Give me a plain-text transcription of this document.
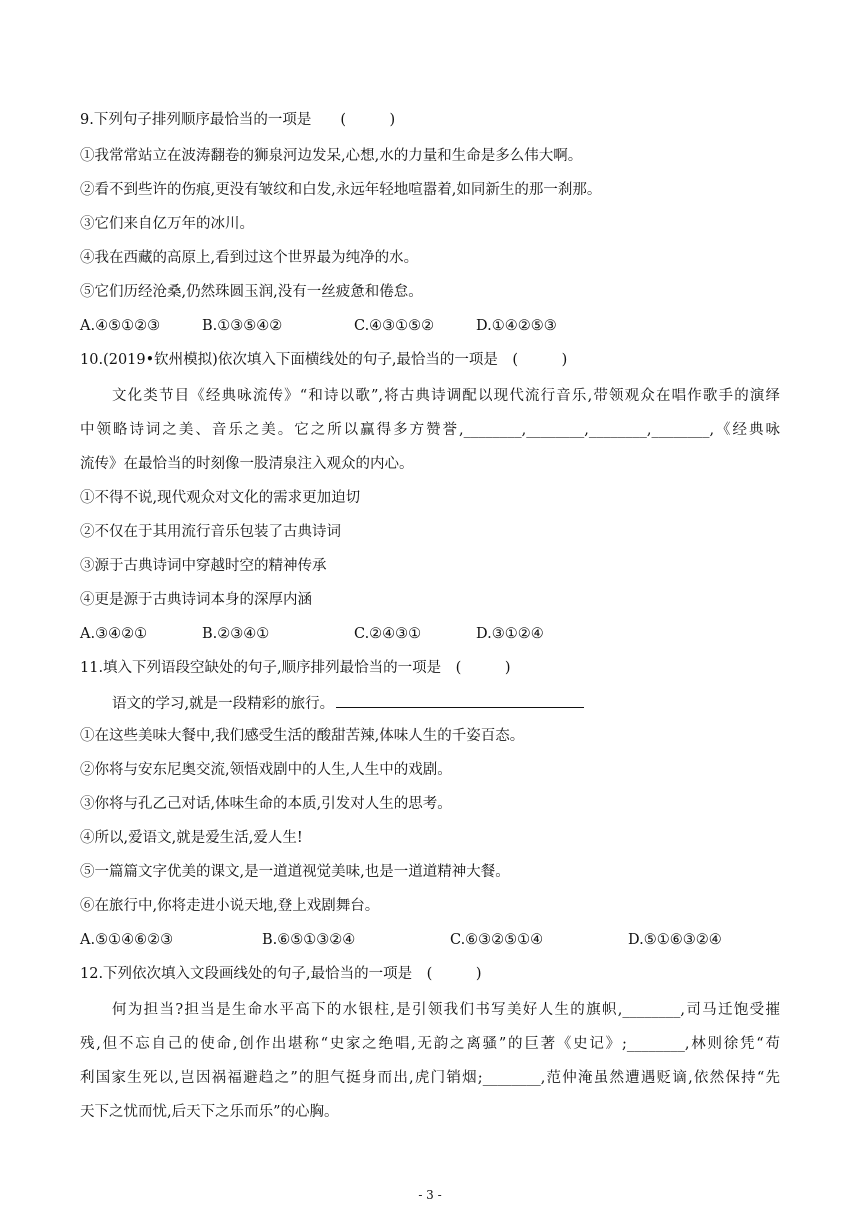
9.下列句子排列顺序最恰当的一项是　　(　　　)
①我常常站立在波涛翻卷的狮泉河边发呆,心想,水的力量和生命是多么伟大啊。
②看不到些许的伤痕,更没有皱纹和白发,永远年轻地喧嚣着,如同新生的那一刹那。
③它们来自亿万年的冰川。
④我在西藏的高原上,看到过这个世界最为纯净的水。
⑤它们历经沧桑,仍然珠圆玉润,没有一丝疲惫和倦怠。
A.④⑤①②③	B.①③⑤④②	C.④③①⑤②	D.①④②⑤③
10.(2019•钦州模拟)依次填入下面横线处的句子,最恰当的一项是　(　　　)
文化类节目《经典咏流传》“和诗以歌”,将古典诗调配以现代流行音乐,带领观众在唱作歌手的演绎
中领略诗词之美、音乐之美。它之所以赢得多方赞誉,________,________,________,________,《经典咏
流传》在最恰当的时刻像一股清泉注入观众的内心。
①不得不说,现代观众对文化的需求更加迫切
②不仅在于其用流行音乐包装了古典诗词
③源于古典诗词中穿越时空的精神传承
④更是源于古典诗词本身的深厚内涵
A.③④②①	B.②③④①	C.②④③①	D.③①②④
11.填入下列语段空缺处的句子,顺序排列最恰当的一项是　(　　　)
语文的学习,就是一段精彩的旅行。
①在这些美味大餐中,我们感受生活的酸甜苦辣,体味人生的千姿百态。
②你将与安东尼奥交流,领悟戏剧中的人生,人生中的戏剧。
③你将与孔乙己对话,体味生命的本质,引发对人生的思考。
④所以,爱语文,就是爱生活,爱人生!
⑤一篇篇文字优美的课文,是一道道视觉美味,也是一道道精神大餐。
⑥在旅行中,你将走进小说天地,登上戏剧舞台。
A.⑤①④⑥②③	B.⑥⑤①③②④	C.⑥③②⑤①④	D.⑤①⑥③②④
12.下列依次填入文段画线处的句子,最恰当的一项是　(　　　)
何为担当?担当是生命水平高下的水银柱,是引领我们书写美好人生的旗帜,________,司马迁饱受摧
残,但不忘自己的使命,创作出堪称“史家之绝唱,无韵之离骚”的巨著《史记》;________,林则徐凭“苟
利国家生死以,岂因祸福避趋之”的胆气挺身而出,虎门销烟;________,范仲淹虽然遭遇贬谪,依然保持“先
天下之忧而忧,后天下之乐而乐”的心胸。
- 3 -
